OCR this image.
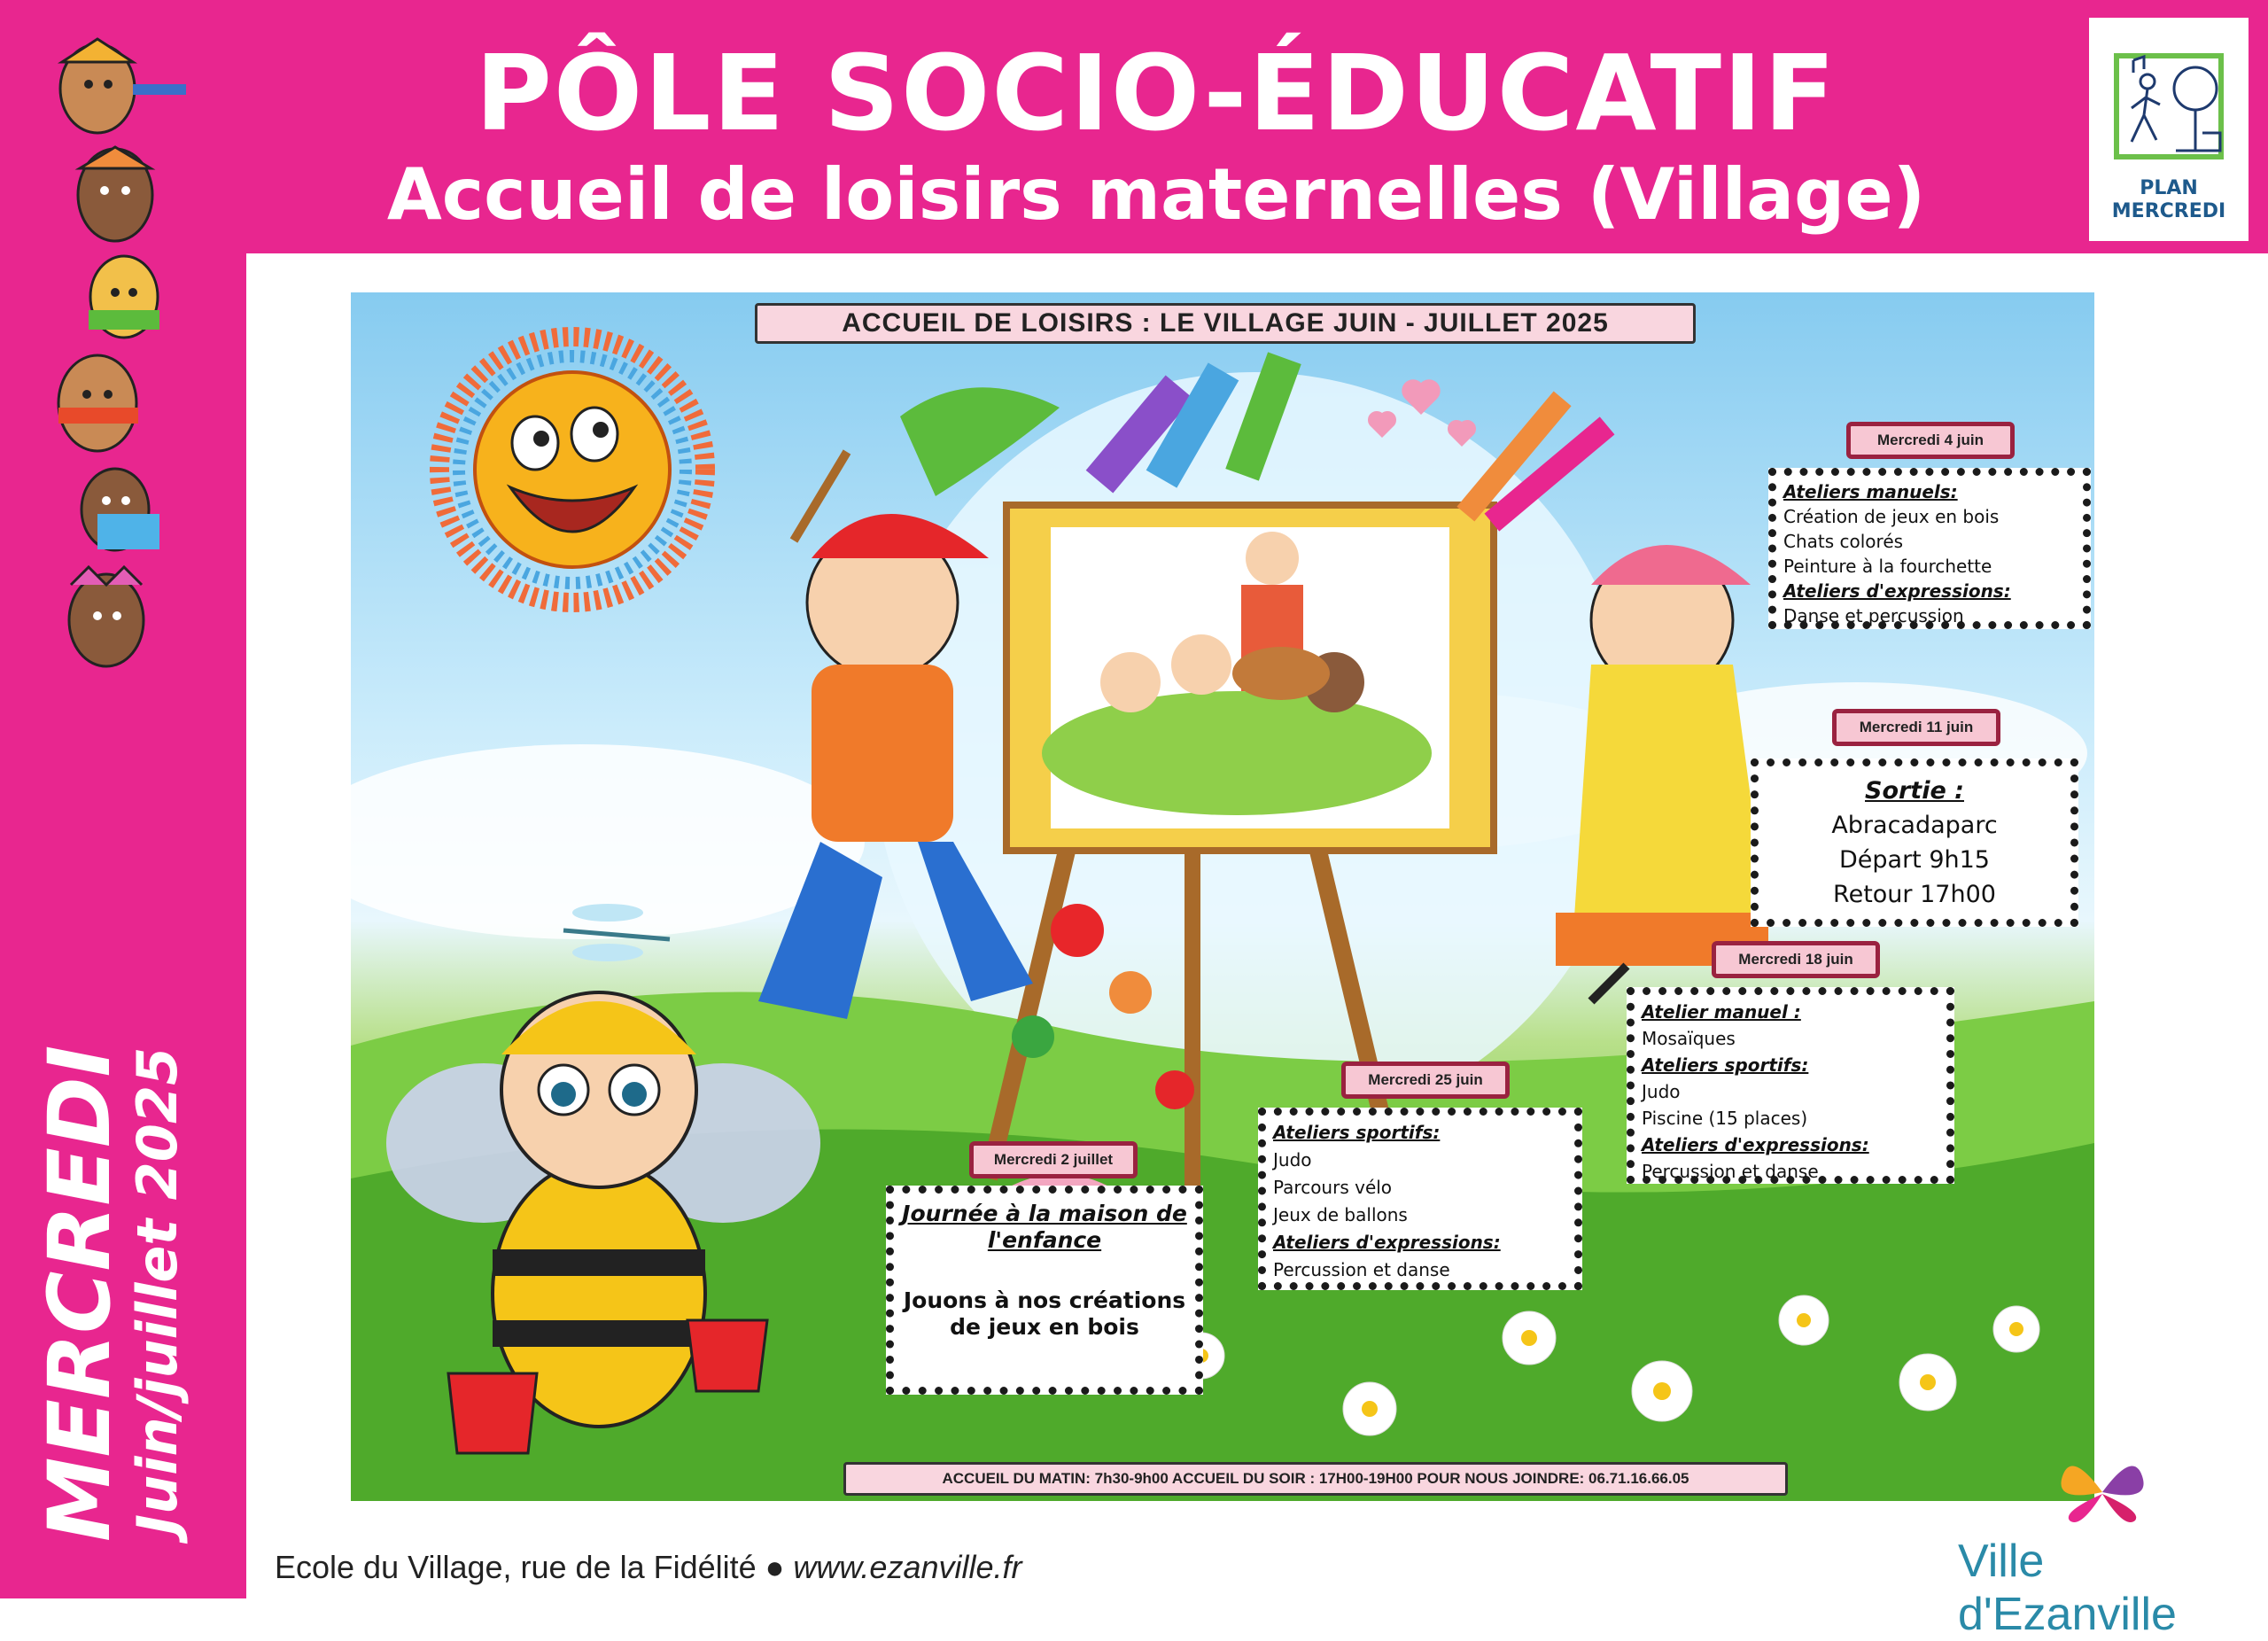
PÔLE SOCIO-ÉDUCATIF
Accueil de loisirs maternelles (Village)	PLAN
MERCREDI
MERCREDI
Juin/juillet 2025
ACCUEIL DE LOISIRS : LE VILLAGE JUIN - JUILLET 2025
Mercredi 4 juin
Ateliers manuels:
Création de jeux en bois
Chats colorés
Peinture à la fourchette
Ateliers d'expressions:
Danse et percussion
Mercredi 11 juin
Sortie :
Abracadaparc
Départ 9h15
Retour 17h00
Mercredi 18 juin
Atelier manuel :
Mosaïques
Ateliers sportifs:
Judo
Piscine (15 places)
Ateliers d'expressions:
Percussion et danse
Mercredi 25 juin
Ateliers sportifs:
Judo
Parcours vélo
Jeux de ballons
Ateliers d'expressions:
Percussion et danse
Mercredi 2 juillet
Journée à la maison de l'enfance
Jouons à nos créations de jeux en bois
ACCUEIL DU MATIN: 7h30-9h00 ACCUEIL DU SOIR : 17H00-19H00 POUR NOUS JOINDRE: 06.71.16.66.05
Ecole du Village, rue de la Fidélité ● www.ezanville.fr	Ville d'Ezanville
